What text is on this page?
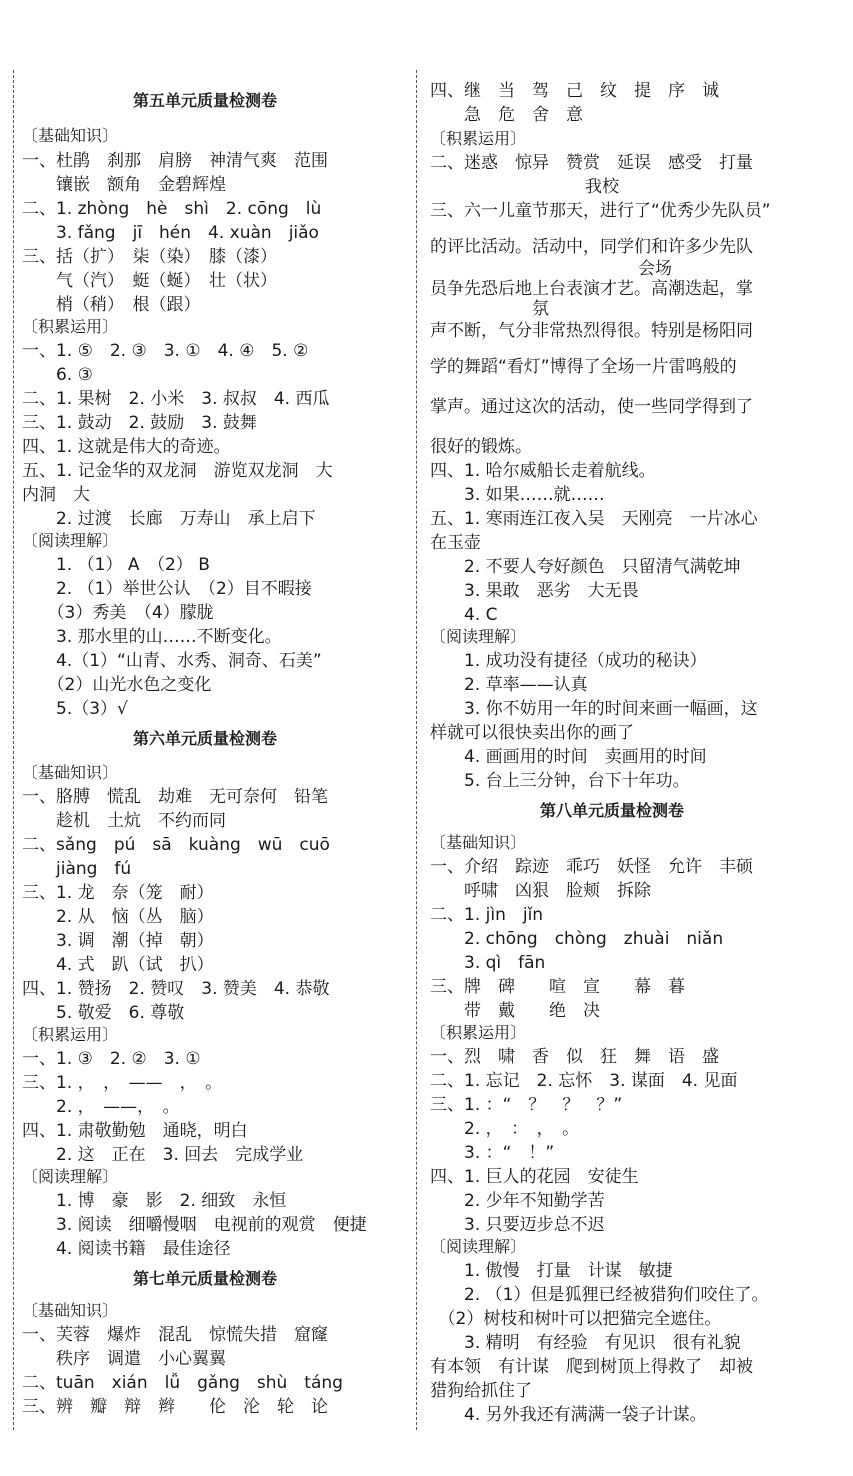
第五单元质量检测卷
〔基础知识〕
一、杜鹃　刹那　肩膀　神清气爽　范围
　　镶嵌　额角　金碧辉煌
二、1. zhòng　hè　shì　2. cōng　lù
　　3. fǎng　jī　hén　4. xuàn　jiǎo
三、括（扩）　柒（染）　膝（漆）
　　气（汽）　蜓（蜒）　壮（状）
　　梢（稍）　根（跟）
〔积累运用〕
一、1. ⑤　2. ③　3. ①　4. ④　5. ②
　　6. ③
二、1. 果树　2. 小米　3. 叔叔　4. 西瓜
三、1. 鼓动　2. 鼓励　3. 鼓舞
四、1. 这就是伟大的奇迹。
五、1. 记金华的双龙洞　游览双龙洞　大
内洞　大
　　2. 过渡　长廊　万寿山　承上启下
〔阅读理解〕
　　1. （1） A　（2） B
　　2. （1）举世公认　（2）目不暇接
　　（3）秀美　（4）朦胧
　　3. 那水里的山……不断变化。
　　4.（1）“山青、水秀、洞奇、石美”
　　（2）山光水色之变化
　　5.（3）√
第六单元质量检测卷
〔基础知识〕
一、胳膊　慌乱　劫难　无可奈何　铅笔
　　趁机　土炕　不约而同
二、sǎng　pú　sā　kuàng　wū　cuō
　　jiàng　fú
三、1. 龙　奈（笼　耐）
　　2. 从　恼（丛　脑）
　　3. 调　潮（掉　朝）
　　4. 式　趴（试　扒）
四、1. 赞扬　2. 赞叹　3. 赞美　4. 恭敬
　　5. 敬爱　6. 尊敬
〔积累运用〕
一、1. ③　2. ②　3. ①
三、1. ，　，　——　，　。
　　2. ，　——，　。
四、1. 肃敬勤勉　通晓，明白
　　2. 这　正在　3. 回去　完成学业
〔阅读理解〕
　　1. 博　豪　影　2. 细致　永恒
　　3. 阅读　细嚼慢咽　电视前的观赏　便捷
　　4. 阅读书籍　最佳途径
第七单元质量检测卷
〔基础知识〕
一、芙蓉　爆炸　混乱　惊慌失措　窟窿
　　秩序　调遣　小心翼翼
二、tuān　xián　lǚ　gǎng　shù　táng
三、辨　瓣　辩　辫　　伦　沦　轮　论
四、继　当　驾　己　纹　提　序　诚
　　急　危　舍　意
〔积累运用〕
二、迷惑　惊异　赞赏　延误　感受　打量
我校
三、六一儿童节那天，进行了“优秀少先队员”
的评比活动。活动中，同学们和许多少先队
会场
员争先恐后地上台表演才艺。高潮迭起，掌
氛
声不断，气分非常热烈得很。特别是杨阳同
学的舞蹈“看灯”博得了全场一片雷鸣般的
掌声。通过这次的活动，使一些同学得到了
很好的锻炼。
四、1. 哈尔威船长走着航线。
　　3. 如果……就……
五、1. 寒雨连江夜入吴　天刚亮　一片冰心
在玉壶
　　2. 不要人夸好颜色　只留清气满乾坤
　　3. 果敢　恶劣　大无畏
　　4. C
〔阅读理解〕
　　1. 成功没有捷径（成功的秘诀）
　　2. 草率——认真
　　3. 你不妨用一年的时间来画一幅画，这
样就可以很快卖出你的画了
　　4. 画画用的时间　卖画用的时间
　　5. 台上三分钟，台下十年功。
第八单元质量检测卷
〔基础知识〕
一、介绍　踪迹　乖巧　妖怪　允许　丰硕
　　呼啸　凶狠　脸颊　拆除
二、1. jìn　jǐn
　　2. chōng　chòng　zhuài　niǎn
　　3. qì　fān
三、牌　碑　　喧　宣　　幕　暮
　　带　戴　　绝　决
〔积累运用〕
一、烈　啸　香　似　狂　舞　语　盛
二、1. 忘记　2. 忘怀　3. 谋面　4. 见面
三、1. ：“　？　？　？”
　　2. ，　：　，　。
　　3. ：“　！”
四、1. 巨人的花园　安徒生
　　2. 少年不知勤学苦
　　3. 只要迈步总不迟
〔阅读理解〕
　　1. 傲慢　打量　计谋　敏捷
　　2. （1）但是狐狸已经被猎狗们咬住了。
　（2）树枝和树叶可以把猫完全遮住。
　　3. 精明　有经验　有见识　很有礼貌
有本领　有计谋　爬到树顶上得救了　却被
猎狗给抓住了
　　4. 另外我还有满满一袋子计谋。
